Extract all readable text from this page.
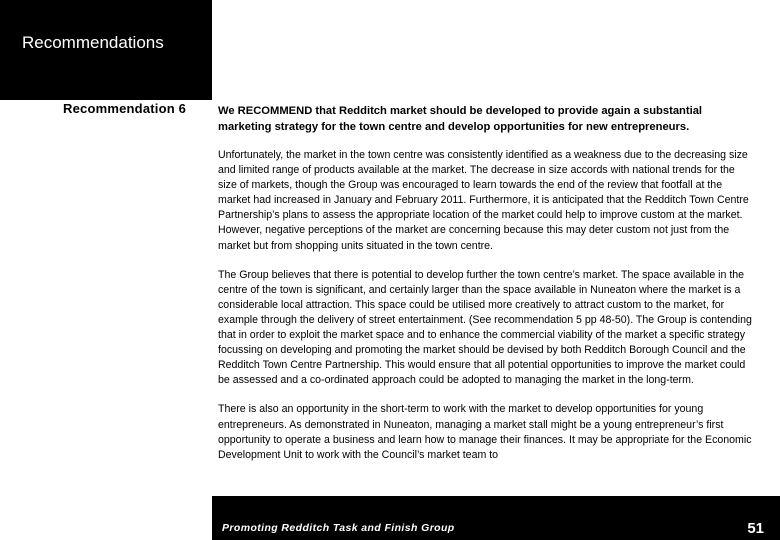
Recommendations
Recommendation 6	We RECOMMEND that Redditch market should be developed to provide again a substantial marketing strategy for the town centre and develop opportunities for new entrepreneurs.

Unfortunately, the market in the town centre was consistently identified as a weakness due to the decreasing size and limited range of products available at the market. The decrease in size accords with national trends for the size of markets, though the Group was encouraged to learn towards the end of the review that footfall at the market had increased in January and February 2011. Furthermore, it is anticipated that the Redditch Town Centre Partnership’s plans to assess the appropriate location of the market could help to improve custom at the market. However, negative perceptions of the market are concerning because this may deter custom not just from the market but from shopping units situated in the town centre.

The Group believes that there is potential to develop further the town centre’s market. The space available in the centre of the town is significant, and certainly larger than the space available in Nuneaton where the market is a considerable local attraction. This space could be utilised more creatively to attract custom to the market, for example through the delivery of street entertainment. (See recommendation 5 pp 48-50). The Group is contending that in order to exploit the market space and to enhance the commercial viability of the market a specific strategy focussing on developing and promoting the market should be devised by both Redditch Borough Council and the Redditch Town Centre Partnership. This would ensure that all potential opportunities to improve the market could be assessed and a co-ordinated approach could be adopted to managing the market in the long-term.

There is also an opportunity in the short-term to work with the market to develop opportunities for young entrepreneurs. As demonstrated in Nuneaton, managing a market stall might be a young entrepreneur’s first opportunity to operate a business and learn how to manage their finances. It may be appropriate for the Economic Development Unit to work with the Council’s market team to

Promoting Redditch Task and Finish Group	51
